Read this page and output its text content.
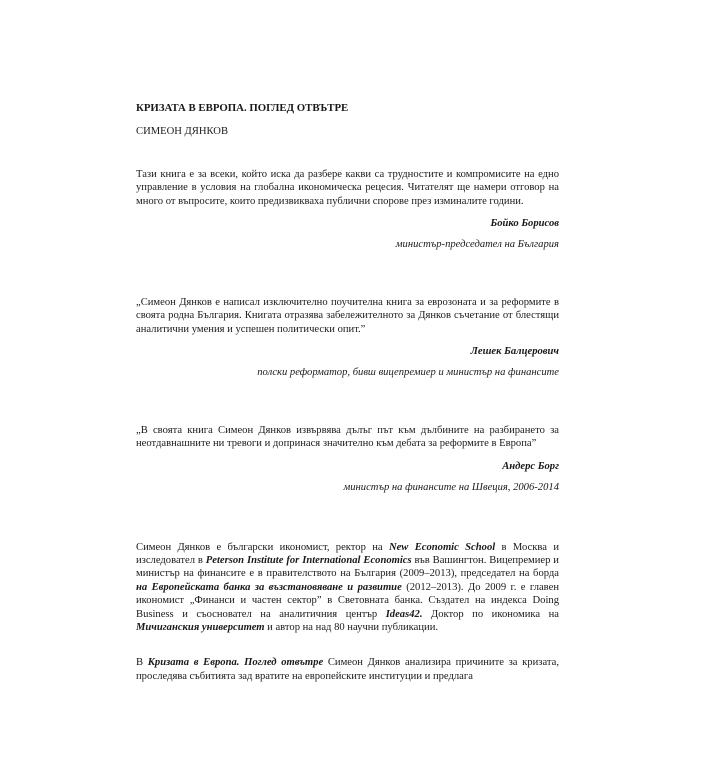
КРИЗАТА В ЕВРОПА. ПОГЛЕД ОТВЪТРЕ
СИМЕОН ДЯНКОВ

Тази книга е за всеки, който иска да разбере какви са трудностите и компромисите на едно управление в условия на глобална икономическа рецесия. Читателят ще намери отговор на много от въпросите, които предизвикваха публични спорове през изминалите години.

Бойко Борисов
министър-председател на България

„Симеон Дянков е написал изключително поучителна книга за еврозоната и за реформите в своята родна България. Книгата отразява забележителното за Дянков съчетание от блестящи аналитични умения и успешен политически опит.”

Лешек Балцерович
полски реформатор, бивш вицепремиер и министър на финансите

„В своята книга Симеон Дянков извървява дълъг път към дълбините на разбирането за неотдавнашните ни тревоги и допринася значително към дебата за реформите в Европа”

Андерс Борг
министър на финансите на Швеция, 2006-2014

Симеон Дянков е български икономист, ректор на New Economic School в Москва и изследовател в Peterson Institute for International Economics във Вашингтон. Вицепремиер и министър на финансите е в правителството на България (2009–2013), председател на борда на Европейската банка за възстановяване и развитие (2012–2013). До 2009 г. е главен икономист „Финанси и частен сектор” в Световната банка. Създател на индекса Doing Business и съосновател на аналитичния център Ideas42. Доктор по икономика на Мичиганския университет и автор на над 80 научни публикации.

В Кризата в Европа. Поглед отвътре Симеон Дянков анализира причините за кризата, проследява събитията зад вратите на европейските институции и предлага
